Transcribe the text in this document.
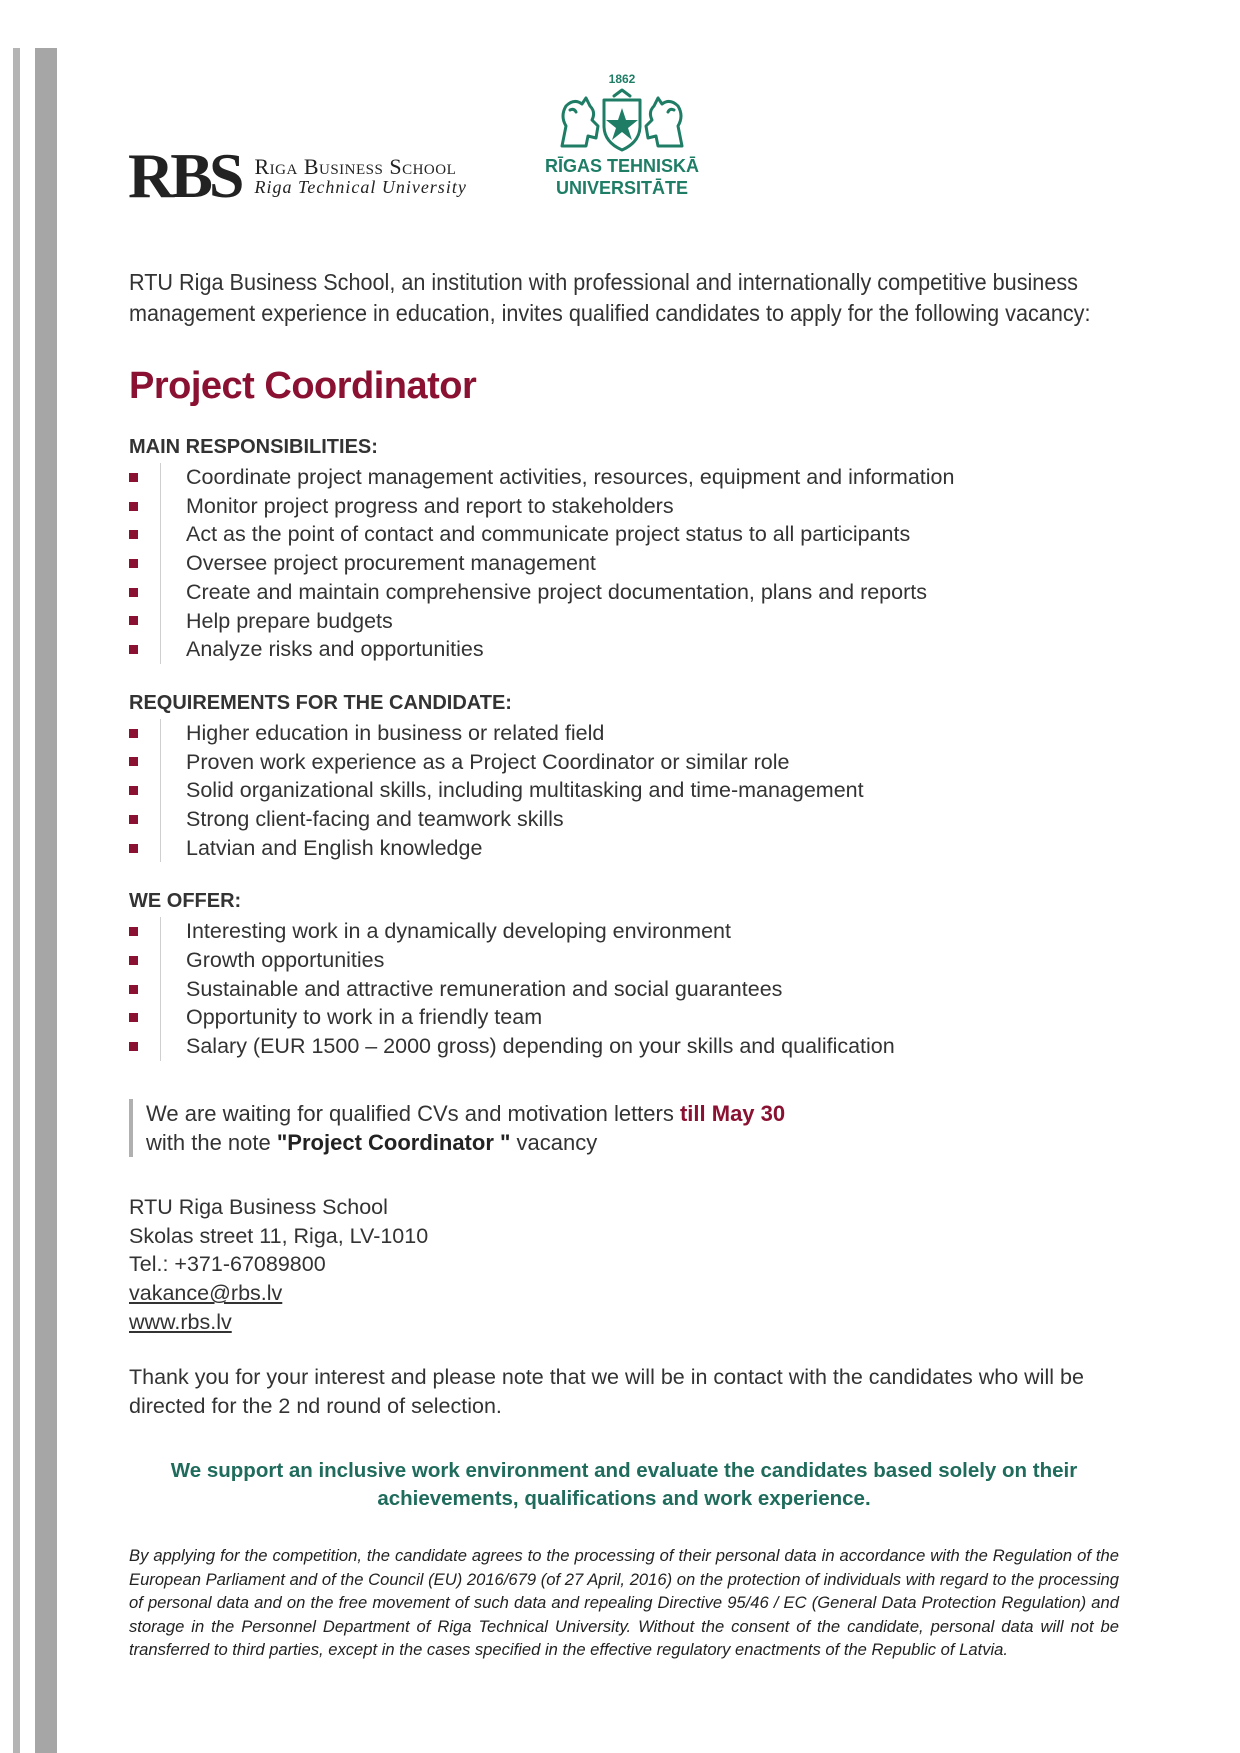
RBS Riga Business School
Riga Technical University
1862
RĪGAS TEHNISKĀ
UNIVERSITĀTE

RTU Riga Business School, an institution with professional and internationally competitive business management experience in education, invites qualified candidates to apply for the following vacancy:

Project Coordinator
MAIN RESPONSIBILITIES:
Coordinate project management activities, resources, equipment and information
Monitor project progress and report to stakeholders
Act as the point of contact and communicate project status to all participants
Oversee project procurement management
Create and maintain comprehensive project documentation, plans and reports
Help prepare budgets
Analyze risks and opportunities
REQUIREMENTS FOR THE CANDIDATE:
Higher education in business or related field
Proven work experience as a Project Coordinator or similar role
Solid organizational skills, including multitasking and time-management
Strong client-facing and teamwork skills
Latvian and English knowledge
WE OFFER:
Interesting work in a dynamically developing environment
Growth opportunities
Sustainable and attractive remuneration and social guarantees
Opportunity to work in a friendly team
Salary (EUR 1500 – 2000 gross) depending on your skills and qualification
We are waiting for qualified CVs and motivation letters till May 30
with the note "Project Coordinator " vacancy
RTU Riga Business School
Skolas street 11, Riga, LV-1010
Tel.: +371-67089800
vakance@rbs.lv
www.rbs.lv
Thank you for your interest and please note that we will be in contact with the candidates who will be directed for the 2 nd round of selection.
We support an inclusive work environment and evaluate the candidates based solely on their achievements, qualifications and work experience.
By applying for the competition, the candidate agrees to the processing of their personal data in accordance with the Regulation of the European Parliament and of the Council (EU) 2016/679 (of 27 April, 2016) on the protection of individuals with regard to the processing of personal data and on the free movement of such data and repealing Directive 95/46 / EC (General Data Protection Regulation) and storage in the Personnel Department of Riga Technical University. Without the consent of the candidate, personal data will not be transferred to third parties, except in the cases specified in the effective regulatory enactments of the Republic of Latvia.
